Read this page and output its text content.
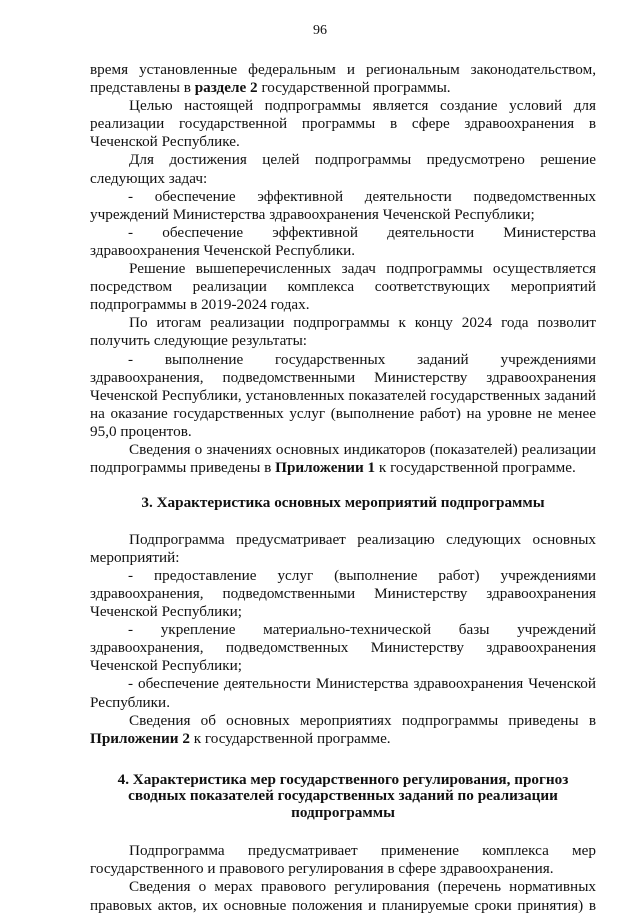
96

время установленные федеральным и региональным законодательством, представлены в разделе 2 государственной программы.

Целью настоящей подпрограммы является создание условий для реализации государственной программы в сфере здравоохранения в Чеченской Республике.

Для достижения целей подпрограммы предусмотрено решение следующих задач:

- обеспечение эффективной деятельности подведомственных учреждений Министерства здравоохранения Чеченской Республики;

- обеспечение эффективной деятельности Министерства здравоохранения Чеченской Республики.

Решение вышеперечисленных задач подпрограммы осуществляется посредством реализации комплекса соответствующих мероприятий подпрограммы в 2019-2024 годах.

По итогам реализации подпрограммы к концу 2024 года позволит получить следующие результаты:

- выполнение государственных заданий учреждениями здравоохранения, подведомственными Министерству здравоохранения Чеченской Республики, установленных показателей государственных заданий на оказание государственных услуг (выполнение работ) на уровне не менее 95,0 процентов.

Сведения о значениях основных индикаторов (показателей) реализации подпрограммы приведены в Приложении 1 к государственной программе.

3. Характеристика основных мероприятий подпрограммы

Подпрограмма предусматривает реализацию следующих основных мероприятий:

- предоставление услуг (выполнение работ) учреждениями здравоохранения, подведомственными Министерству здравоохранения Чеченской Республики;

- укрепление материально-технической базы учреждений здравоохранения, подведомственных Министерству здравоохранения Чеченской Республики;

- обеспечение деятельности Министерства здравоохранения Чеченской Республики.

Сведения об основных мероприятиях подпрограммы приведены в Приложении 2 к государственной программе.

4. Характеристика мер государственного регулирования, прогноз
сводных показателей государственных заданий по реализации
подпрограммы

Подпрограмма предусматривает применение комплекса мер государственного и правового регулирования в сфере здравоохранения.

Сведения о мерах правового регулирования (перечень нормативных правовых актов, их основные положения и планируемые сроки принятия) в
